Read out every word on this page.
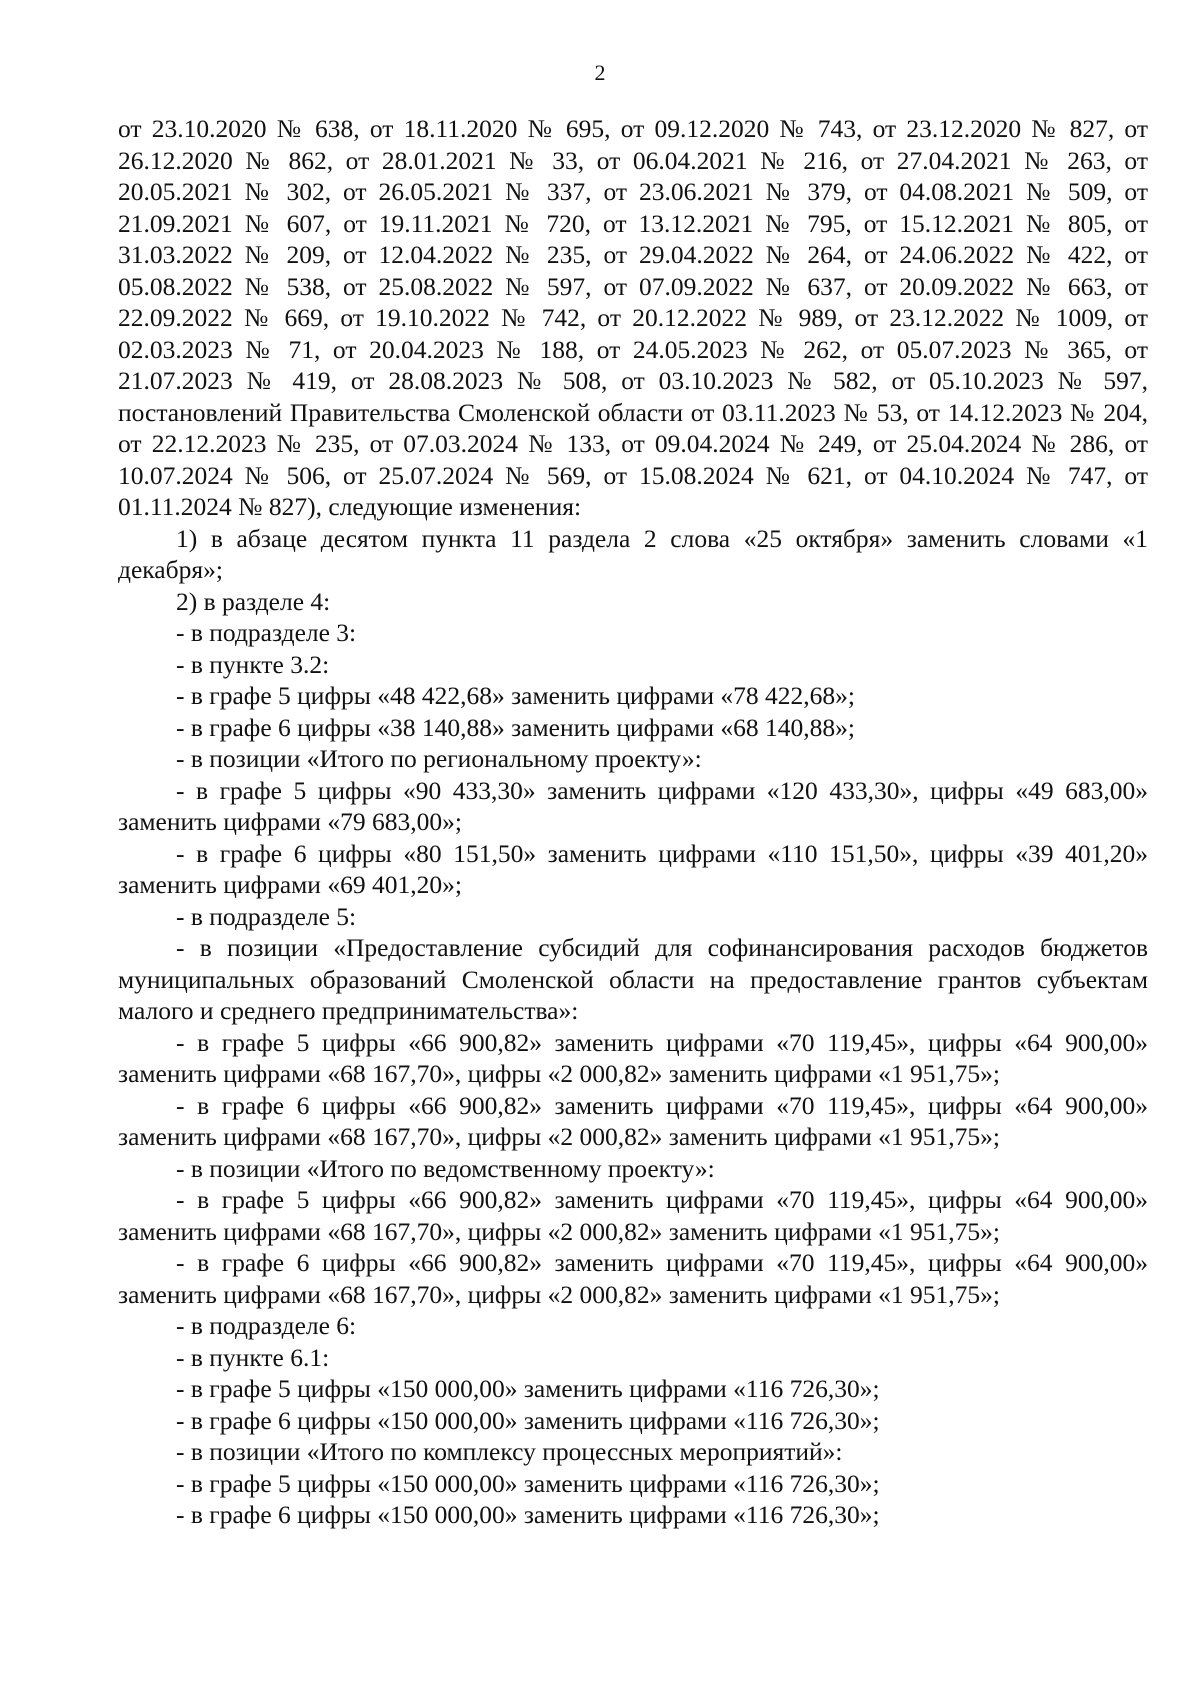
2

от 23.10.2020 № 638, от 18.11.2020 № 695, от 09.12.2020 № 743, от 23.12.2020 № 827, от 26.12.2020 № 862, от 28.01.2021 № 33, от 06.04.2021 № 216, от 27.04.2021 № 263, от 20.05.2021 № 302, от 26.05.2021 № 337, от 23.06.2021 № 379, от 04.08.2021 № 509, от 21.09.2021 № 607, от 19.11.2021 № 720, от 13.12.2021 № 795, от 15.12.2021 № 805, от 31.03.2022 № 209, от 12.04.2022 № 235, от 29.04.2022 № 264, от 24.06.2022 № 422, от 05.08.2022 № 538, от 25.08.2022 № 597, от 07.09.2022 № 637, от 20.09.2022 № 663, от 22.09.2022 № 669, от 19.10.2022 № 742, от 20.12.2022 № 989, от 23.12.2022 № 1009, от 02.03.2023 № 71, от 20.04.2023 № 188, от 24.05.2023 № 262, от 05.07.2023 № 365, от 21.07.2023 № 419, от 28.08.2023 № 508, от 03.10.2023 № 582, от 05.10.2023 № 597, постановлений Правительства Смоленской области от 03.11.2023 № 53, от 14.12.2023 № 204, от 22.12.2023 № 235, от 07.03.2024 № 133, от 09.04.2024 № 249, от 25.04.2024 № 286, от 10.07.2024 № 506, от 25.07.2024 № 569, от 15.08.2024 № 621, от 04.10.2024 № 747, от 01.11.2024 № 827), следующие изменения:

1) в абзаце десятом пункта 11 раздела 2 слова «25 октября» заменить словами «1 декабря»;

2) в разделе 4:

- в подразделе 3:

- в пункте 3.2:

- в графе 5 цифры «48 422,68» заменить цифрами «78 422,68»;

- в графе 6 цифры «38 140,88» заменить цифрами «68 140,88»;

- в позиции «Итого по региональному проекту»:

- в графе 5 цифры «90 433,30» заменить цифрами «120 433,30», цифры «49 683,00» заменить цифрами «79 683,00»;

- в графе 6 цифры «80 151,50» заменить цифрами «110 151,50», цифры «39 401,20» заменить цифрами «69 401,20»;

- в подразделе 5:

- в позиции «Предоставление субсидий для софинансирования расходов бюджетов муниципальных образований Смоленской области на предоставление грантов субъектам малого и среднего предпринимательства»:

- в графе 5 цифры «66 900,82» заменить цифрами «70 119,45», цифры «64 900,00» заменить цифрами «68 167,70», цифры «2 000,82» заменить цифрами «1 951,75»;

- в графе 6 цифры «66 900,82» заменить цифрами «70 119,45», цифры «64 900,00» заменить цифрами «68 167,70», цифры «2 000,82» заменить цифрами «1 951,75»;

- в позиции «Итого по ведомственному проекту»:

- в графе 5 цифры «66 900,82» заменить цифрами «70 119,45», цифры «64 900,00» заменить цифрами «68 167,70», цифры «2 000,82» заменить цифрами «1 951,75»;

- в графе 6 цифры «66 900,82» заменить цифрами «70 119,45», цифры «64 900,00» заменить цифрами «68 167,70», цифры «2 000,82» заменить цифрами «1 951,75»;

- в подразделе 6:

- в пункте 6.1:

- в графе 5 цифры «150 000,00» заменить цифрами «116 726,30»;

- в графе 6 цифры «150 000,00» заменить цифрами «116 726,30»;

- в позиции «Итого по комплексу процессных мероприятий»:

- в графе 5 цифры «150 000,00» заменить цифрами «116 726,30»;

- в графе 6 цифры «150 000,00» заменить цифрами «116 726,30»;
